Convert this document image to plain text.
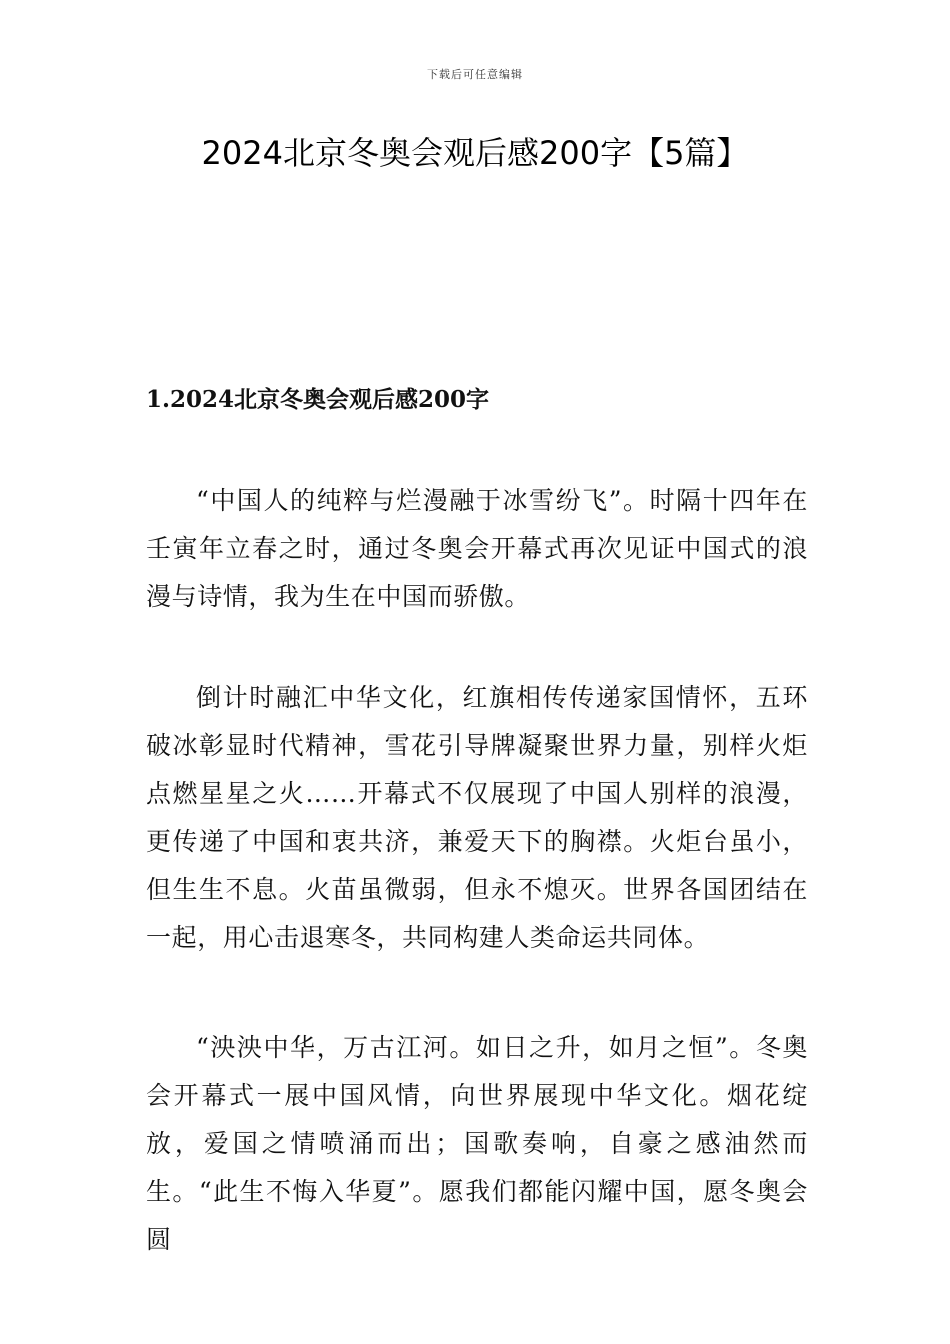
下载后可任意编辑
2024北京冬奥会观后感200字【5篇】
1.2024北京冬奥会观后感200字

“中国人的纯粹与烂漫融于冰雪纷飞”。时隔十四年在壬寅年立春之时，通过冬奥会开幕式再次见证中国式的浪漫与诗情，我为生在中国而骄傲。

倒计时融汇中华文化，红旗相传传递家国情怀，五环破冰彰显时代精神，雪花引导牌凝聚世界力量，别样火炬点燃星星之火……开幕式不仅展现了中国人别样的浪漫，更传递了中国和衷共济，兼爱天下的胸襟。火炬台虽小，但生生不息。火苗虽微弱，但永不熄灭。世界各国团结在一起，用心击退寒冬，共同构建人类命运共同体。

“泱泱中华，万古江河。如日之升，如月之恒”。冬奥会开幕式一展中国风情，向世界展现中华文化。烟花绽放，爱国之情喷涌而出；国歌奏响，自豪之感油然而生。“此生不悔入华夏”。愿我们都能闪耀中国，愿冬奥会圆
